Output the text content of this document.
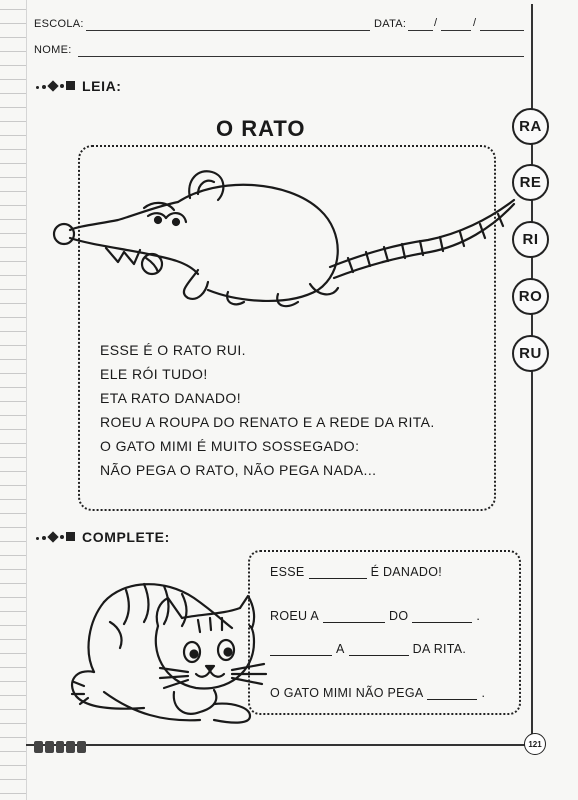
ESCOLA:	DATA:	/	/
NOME:
LEIA:
O RATO
ESSE É O RATO RUI.
ELE RÓI TUDO!
ETA RATO DANADO!
ROEU A ROUPA DO RENATO E A REDE DA RITA.
O GATO MIMI É MUITO SOSSEGADO:
NÃO PEGA O RATO, NÃO PEGA NADA...
RA
RE
RI
RO
RU
COMPLETE:
ESSE	É DANADO!
ROEU A	DO	.
A	DA RITA.
O GATO MIMI NÃO PEGA	.
121
